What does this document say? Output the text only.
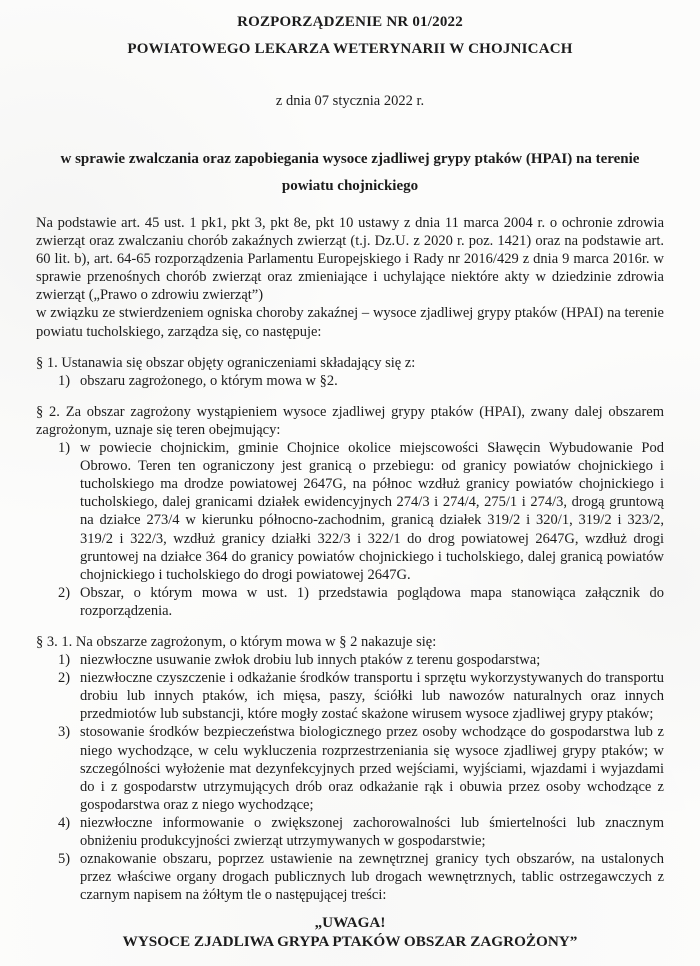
ROZPORZĄDZENIE NR 01/2022

POWIATOWEGO LEKARZA WETERYNARII W CHOJNICACH

z dnia 07 stycznia 2022 r.

w sprawie zwalczania oraz zapobiegania wysoce zjadliwej grypy ptaków (HPAI) na terenie
powiatu chojnickiego

Na podstawie art. 45 ust. 1 pk1, pkt 3, pkt 8e, pkt 10 ustawy z dnia 11 marca 2004 r. o ochronie zdrowia zwierząt oraz zwalczaniu chorób zakaźnych zwierząt (t.j. Dz.U. z 2020 r. poz. 1421) oraz na podstawie art. 60 lit. b), art. 64-65 rozporządzenia Parlamentu Europejskiego i Rady nr 2016/429 z dnia 9 marca 2016r. w sprawie przenośnych chorób zwierząt oraz zmieniające i uchylające niektóre akty w dziedzinie zdrowia zwierząt („Prawo o zdrowiu zwierząt”)

w związku ze stwierdzeniem ogniska choroby zakaźnej – wysoce zjadliwej grypy ptaków (HPAI) na terenie powiatu tucholskiego, zarządza się, co następuje:

§ 1. Ustanawia się obszar objęty ograniczeniami składający się z:

1) obszaru zagrożonego, o którym mowa w §2.

§ 2. Za obszar zagrożony wystąpieniem wysoce zjadliwej grypy ptaków (HPAI), zwany dalej obszarem zagrożonym, uznaje się teren obejmujący:

1) w powiecie chojnickim, gminie Chojnice okolice miejscowości Sławęcin Wybudowanie Pod Obrowo. Teren ten ograniczony jest granicą o przebiegu: od granicy powiatów chojnickiego i tucholskiego ma drodze powiatowej 2647G, na północ wzdłuż granicy powiatów chojnickiego i tucholskiego, dalej granicami działek ewidencyjnych 274/3 i 274/4, 275/1 i 274/3, drogą gruntową na działce 273/4 w kierunku północno-zachodnim, granicą działek 319/2 i 320/1, 319/2 i 323/2, 319/2 i 322/3, wzdłuż granicy działki 322/3 i 322/1 do drog powiatowej 2647G, wzdłuż drogi gruntowej na działce 364 do granicy powiatów chojnickiego i tucholskiego, dalej granicą powiatów chojnickiego i tucholskiego do drogi powiatowej 2647G.
2) Obszar, o którym mowa w ust. 1) przedstawia poglądowa mapa stanowiąca załącznik do rozporządzenia.

§ 3. 1. Na obszarze zagrożonym, o którym mowa w § 2 nakazuje się:

1) niezwłoczne usuwanie zwłok drobiu lub innych ptaków z terenu gospodarstwa;
2) niezwłoczne czyszczenie i odkażanie środków transportu i sprzętu wykorzystywanych do transportu drobiu lub innych ptaków, ich mięsa, paszy, ściółki lub nawozów naturalnych oraz innych przedmiotów lub substancji, które mogły zostać skażone wirusem wysoce zjadliwej grypy ptaków;
3) stosowanie środków bezpieczeństwa biologicznego przez osoby wchodzące do gospodarstwa lub z niego wychodzące, w celu wykluczenia rozprzestrzeniania się wysoce zjadliwej grypy ptaków; w szczególności wyłożenie mat dezynfekcyjnych przed wejściami, wyjściami, wjazdami i wyjazdami do i z gospodarstw utrzymujących drób oraz odkażanie rąk i obuwia przez osoby wchodzące z gospodarstwa oraz z niego wychodzące;
4) niezwłoczne informowanie o zwiększonej zachorowalności lub śmiertelności lub znacznym obniżeniu produkcyjności zwierząt utrzymywanych w gospodarstwie;
5) oznakowanie obszaru, poprzez ustawienie na zewnętrznej granicy tych obszarów, na ustalonych przez właściwe organy drogach publicznych lub drogach wewnętrznych, tablic ostrzegawczych z czarnym napisem na żółtym tle o następującej treści:

„UWAGA!

WYSOCE ZJADLIWA GRYPA PTAKÓW OBSZAR ZAGROŻONY”
